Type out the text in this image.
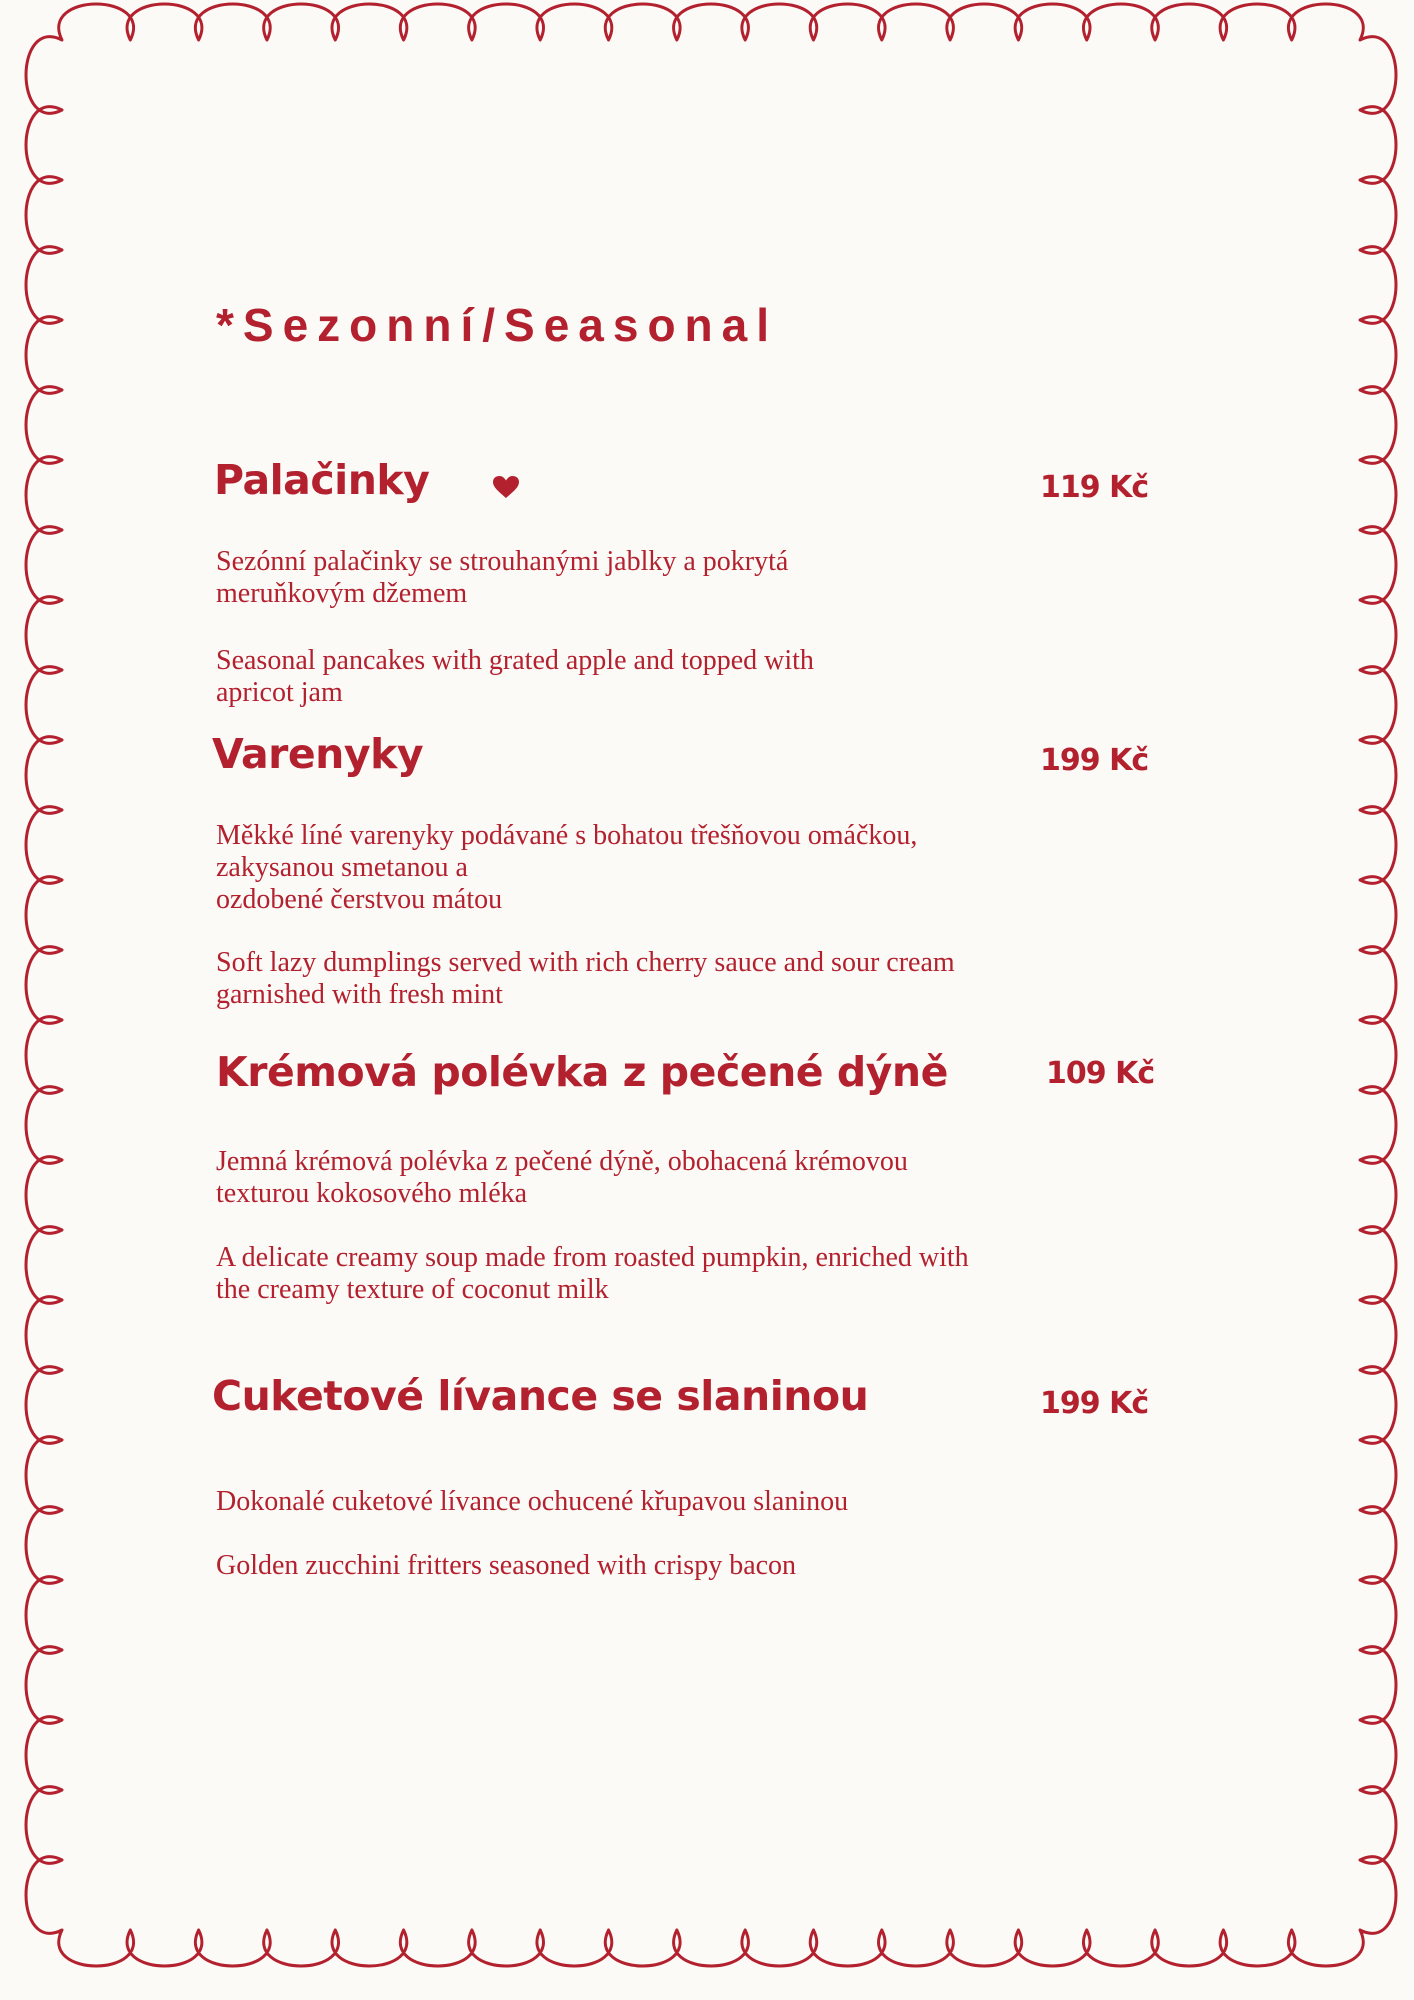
*Sezonní/Seasonal
Palačinky	119 Kč

Sezónní palačinky se strouhanými jablky a pokrytá
meruňkovým džemem

Seasonal pancakes with grated apple and topped with
apricot jam

Varenyky	199 Kč

Měkké líné varenyky podávané s bohatou třešňovou omáčkou,
zakysanou smetanou a
ozdobené čerstvou mátou

Soft lazy dumplings served with rich cherry sauce and sour cream
garnished with fresh mint

Krémová polévka z pečené dýně	109 Kč

Jemná krémová polévka z pečené dýně, obohacená krémovou
texturou kokosového mléka

A delicate creamy soup made from roasted pumpkin, enriched with
the creamy texture of coconut milk

Cuketové lívance se slaninou	199 Kč

Dokonalé cuketové lívance ochucené křupavou slaninou

Golden zucchini fritters seasoned with crispy bacon
